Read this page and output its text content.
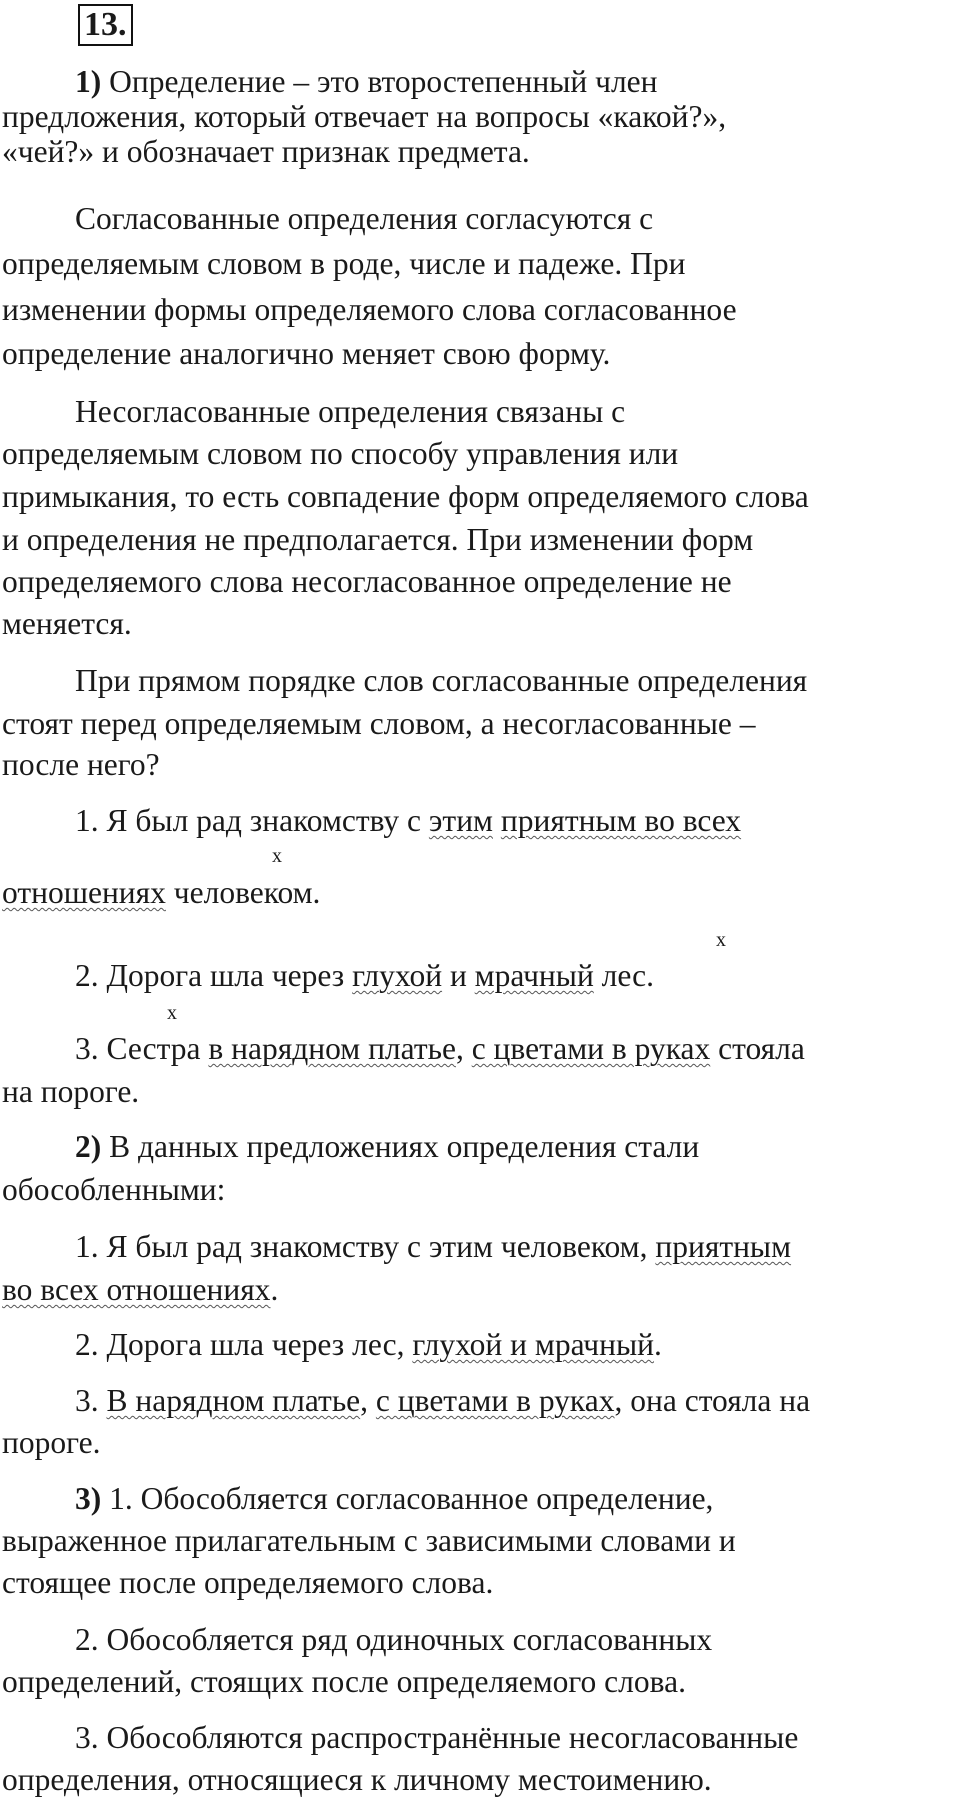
13.
1) Определение – это второстепенный член
предложения, который отвечает на вопросы «какой?»,
«чей?» и обозначает признак предмета.
Согласованные определения согласуются с
определяемым словом в роде, числе и падеже. При
изменении формы определяемого слова согласованное
определение аналогично меняет свою форму.
Несогласованные определения связаны с
определяемым словом по способу управления или
примыкания, то есть совпадение форм определяемого слова
и определения не предполагается. При изменении форм
определяемого слова несогласованное определение не
меняется.
При прямом порядке слов согласованные определения
стоят перед определяемым словом, а несогласованные –
после него?
1. Я был рад знакомству с этим приятным во всех
x
отношениях человеком.
x
2. Дорога шла через глухой и мрачный лес.
x
3. Сестра в нарядном платье, с цветами в руках стояла
на пороге.
2) В данных предложениях определения стали
обособленными:
1. Я был рад знакомству с этим человеком, приятным
во всех отношениях.
2. Дорога шла через лес, глухой и мрачный.
3. В нарядном платье, с цветами в руках, она стояла на
пороге.
3) 1. Обособляется согласованное определение,
выраженное прилагательным с зависимыми словами и
стоящее после определяемого слова.
2. Обособляется ряд одиночных согласованных
определений, стоящих после определяемого слова.
3. Обособляются распространённые несогласованные
определения, относящиеся к личному местоимению.
